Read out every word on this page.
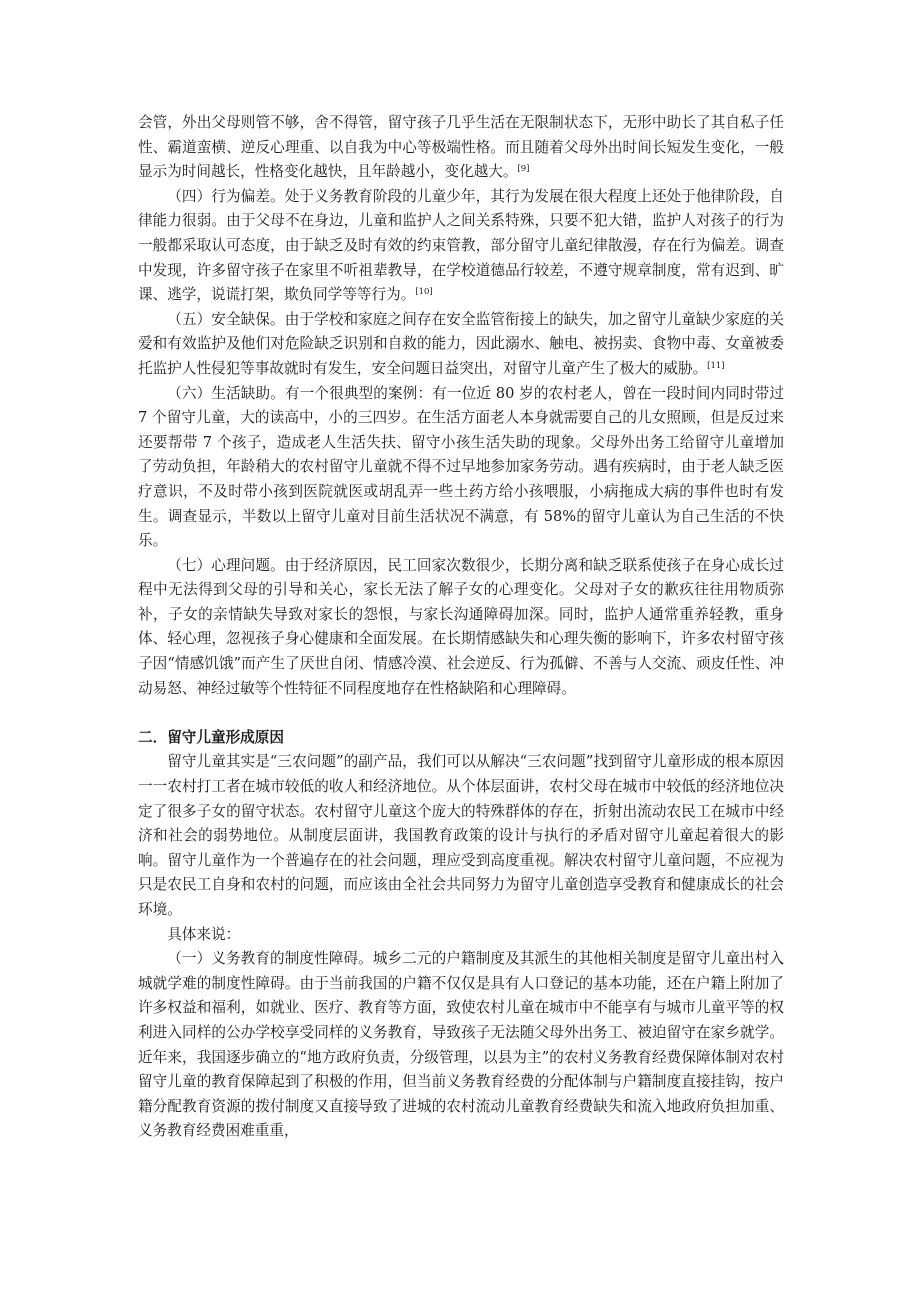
会管，外出父母则管不够，舍不得管，留守孩子几乎生活在无限制状态下，无形中助长了其自私子任性、霸道蛮横、逆反心理重、以自我为中心等极端性格。而且随着父母外出时间长短发生变化，一般显示为时间越长，性格变化越快，且年龄越小，变化越大。[9]

（四）行为偏差。处于义务教育阶段的儿童少年，其行为发展在很大程度上还处于他律阶段，自律能力很弱。由于父母不在身边，儿童和监护人之间关系特殊，只要不犯大错，监护人对孩子的行为一般都采取认可态度，由于缺乏及时有效的约束管教，部分留守儿童纪律散漫，存在行为偏差。调查中发现，许多留守孩子在家里不听祖辈教导，在学校道德品行较差，不遵守规章制度，常有迟到、旷课、逃学，说谎打架，欺负同学等等行为。[10]

（五）安全缺保。由于学校和家庭之间存在安全监管衔接上的缺失，加之留守儿童缺少家庭的关爱和有效监护及他们对危险缺乏识别和自救的能力，因此溺水、触电、被拐卖、食物中毒、女童被委托监护人性侵犯等事故就时有发生，安全问题日益突出，对留守儿童产生了极大的威胁。[11]

（六）生活缺助。有一个很典型的案例：有一位近 80 岁的农村老人，曾在一段时间内同时带过 7 个留守儿童，大的读高中，小的三四岁。在生活方面老人本身就需要自己的儿女照顾，但是反过来还要帮带 7 个孩子，造成老人生活失扶、留守小孩生活失助的现象。父母外出务工给留守儿童增加了劳动负担，年龄稍大的农村留守儿童就不得不过早地参加家务劳动。遇有疾病时，由于老人缺乏医疗意识，不及时带小孩到医院就医或胡乱弄一些土药方给小孩喂服，小病拖成大病的事件也时有发生。调查显示，半数以上留守儿童对目前生活状况不满意，有 58%的留守儿童认为自己生活的不快乐。

（七）心理问题。由于经济原因，民工回家次数很少，长期分离和缺乏联系使孩子在身心成长过程中无法得到父母的引导和关心，家长无法了解子女的心理变化。父母对子女的歉疚往往用物质弥补，子女的亲情缺失导致对家长的怨恨，与家长沟通障碍加深。同时，监护人通常重养轻教，重身体、轻心理，忽视孩子身心健康和全面发展。在长期情感缺失和心理失衡的影响下，许多农村留守孩子因“情感饥饿”而产生了厌世自闭、情感冷漠、社会逆反、行为孤僻、不善与人交流、顽皮任性、冲动易怒、神经过敏等个性特征不同程度地存在性格缺陷和心理障碍。

二．留守儿童形成原因

留守儿童其实是“三农问题”的副产品，我们可以从解决“三农问题”找到留守儿童形成的根本原因一一农村打工者在城市较低的收人和经济地位。从个体层面讲，农村父母在城市中较低的经济地位决定了很多子女的留守状态。农村留守儿童这个庞大的特殊群体的存在，折射出流动农民工在城市中经济和社会的弱势地位。从制度层面讲，我国教育政策的设计与执行的矛盾对留守儿童起着很大的影响。留守儿童作为一个普遍存在的社会问题，理应受到高度重视。解决农村留守儿童问题，不应视为只是农民工自身和农村的问题，而应该由全社会共同努力为留守儿童创造享受教育和健康成长的社会环境。

具体来说：

（一）义务教育的制度性障碍。城乡二元的户籍制度及其派生的其他相关制度是留守儿童出村入城就学难的制度性障碍。由于当前我国的户籍不仅仅是具有人口登记的基本功能，还在户籍上附加了许多权益和福利，如就业、医疗、教育等方面，致使农村儿童在城市中不能享有与城市儿童平等的权利进入同样的公办学校享受同样的义务教育，导致孩子无法随父母外出务工、被迫留守在家乡就学。近年来，我国逐步确立的“地方政府负责，分级管理，以县为主”的农村义务教育经费保障体制对农村留守儿童的教育保障起到了积极的作用，但当前义务教育经费的分配体制与户籍制度直接挂钩，按户籍分配教育资源的拨付制度又直接导致了进城的农村流动儿童教育经费缺失和流入地政府负担加重、义务教育经费困难重重，
